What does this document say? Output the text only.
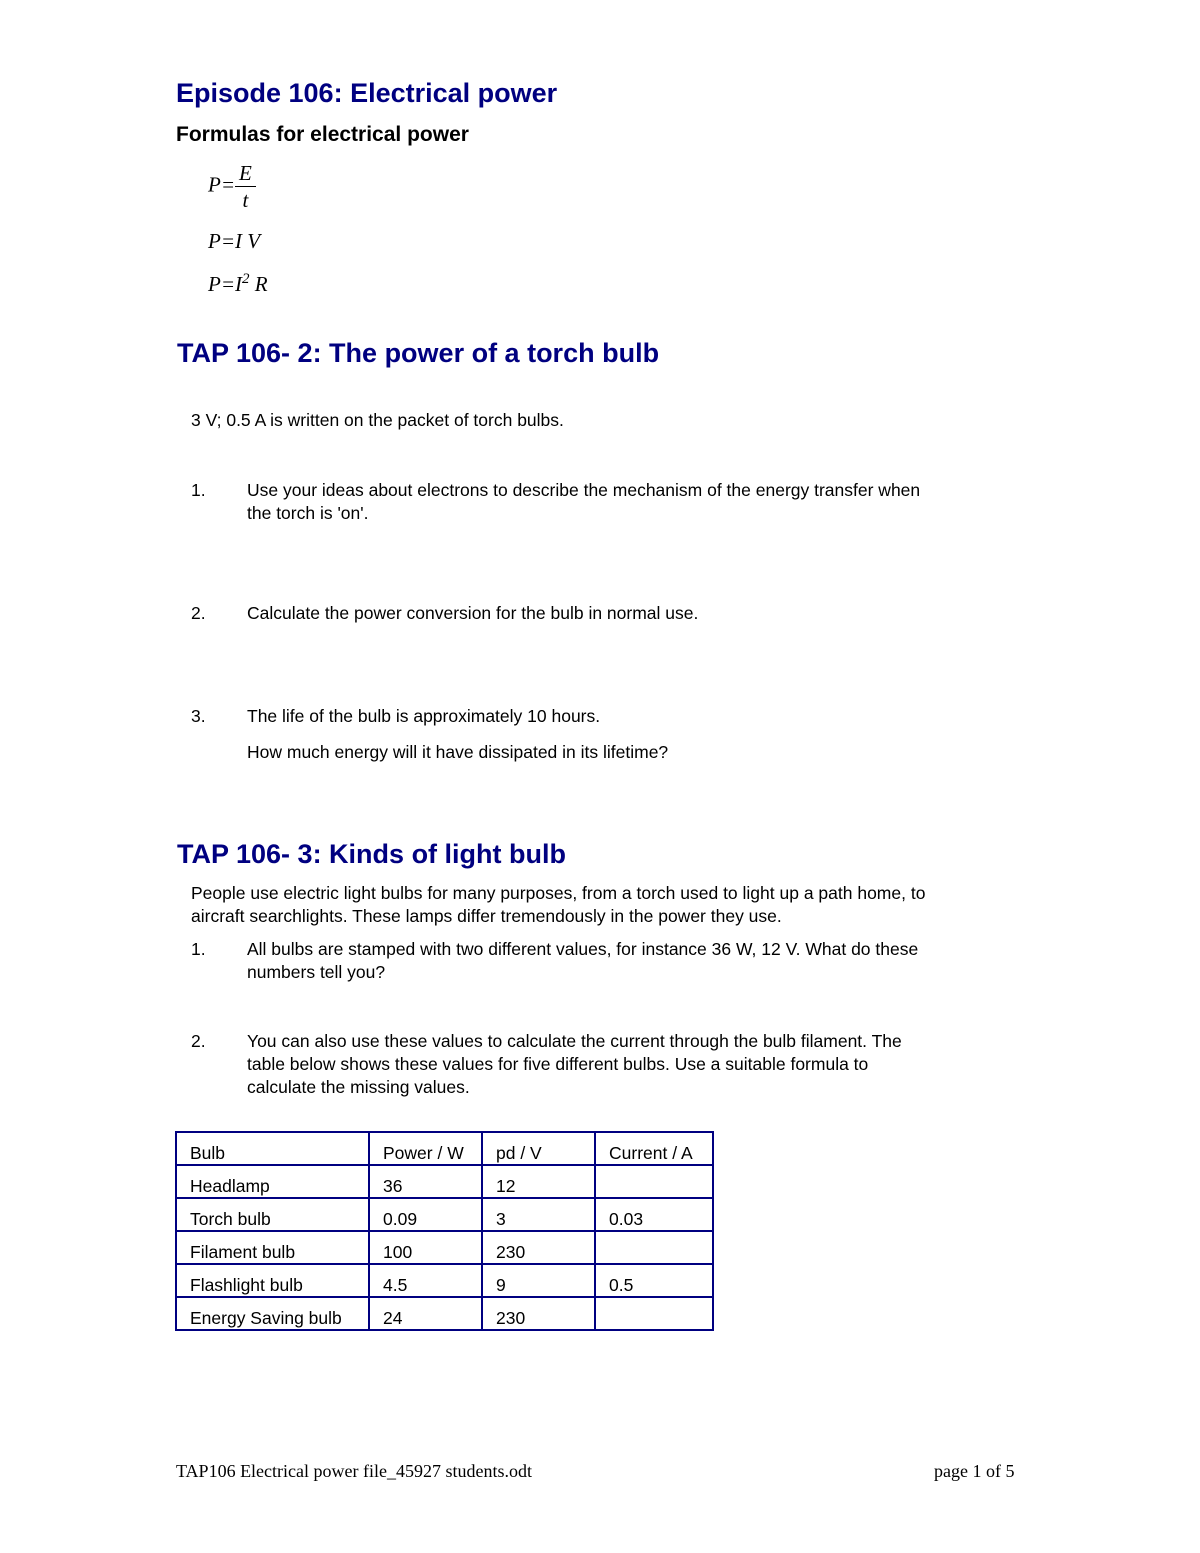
Episode 106: Electrical power
Formulas for electrical power
$P= \frac{E}{t}$
P=I V
$P=I^2$ R
TAP 106- 2: The power of a torch bulb
3 V; 0.5 A is written on the packet of torch bulbs.
1.	Use your ideas about electrons to describe the mechanism of the energy transfer when
the torch is 'on'.
2.	Calculate the power conversion for the bulb in normal use.
3.	The life of the bulb is approximately 10 hours.
How much energy will it have dissipated in its lifetime?
TAP 106- 3: Kinds of light bulb
People use electric light bulbs for many purposes, from a torch used to light up a path home, to
aircraft searchlights. These lamps differ tremendously in the power they use.
1.	All bulbs are stamped with two different values, for instance 36 W, 12 V. What do these
numbers tell you?
2.	You can also use these values to calculate the current through the bulb filament. The
table below shows these values for five different bulbs. Use a suitable formula to
calculate the missing values.
Bulb	Power / W	pd / V	Current / A
Headlamp	36	12	
Torch bulb	0.09	3	0.03
Filament bulb	100	230	
Flashlight bulb	4.5	9	0.5
Energy Saving bulb	24	230	
TAP106 Electrical power file_45927 students.odt	page 1 of 5
